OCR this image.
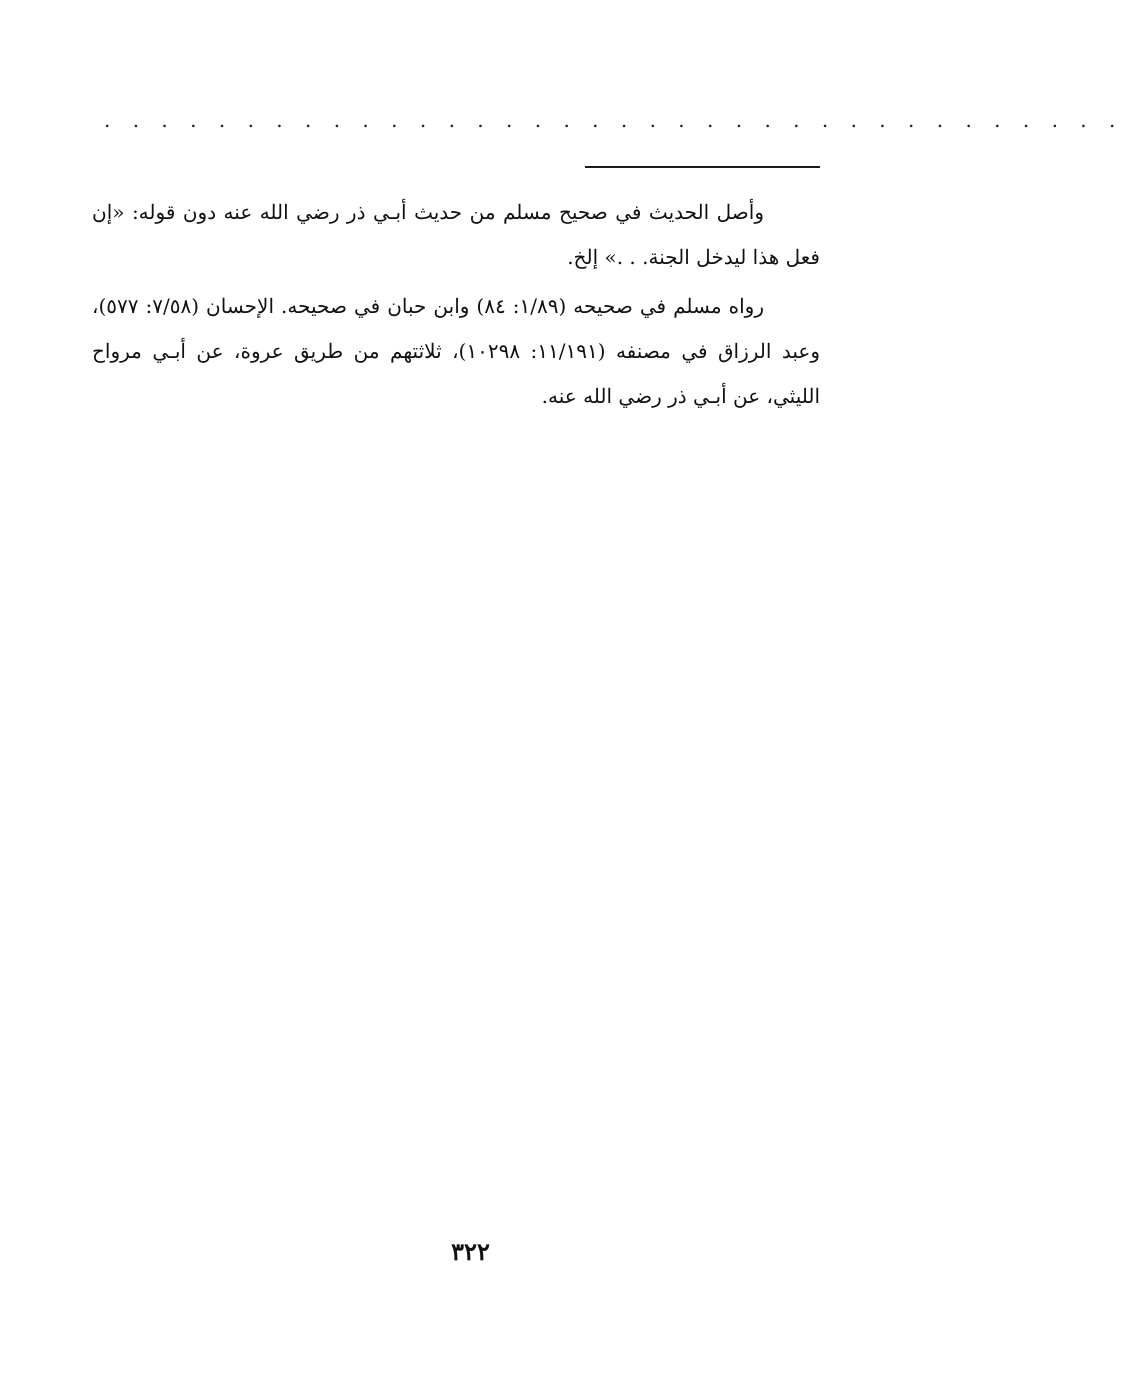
. . . . . . . . . . . . . . . . . . . . . . . . . . . . . . . . . . . .

وأصل الحديث في صحيح مسلم من حديث أبـي ذر رضي الله عنه دون قوله: «إن فعل هذا ليدخل الجنة. . .» إلخ.

رواه مسلم في صحيحه (١/٨٩: ٨٤) وابن حبان في صحيحه. الإحسان (٧/٥٨: ٥٧٧)، وعبد الرزاق في مصنفه (١١/١٩١: ١٠٢٩٨)، ثلاثتهم من طريق عروة، عن أبـي مرواح الليثي، عن أبـي ذر رضي الله عنه.

٣٢٢
